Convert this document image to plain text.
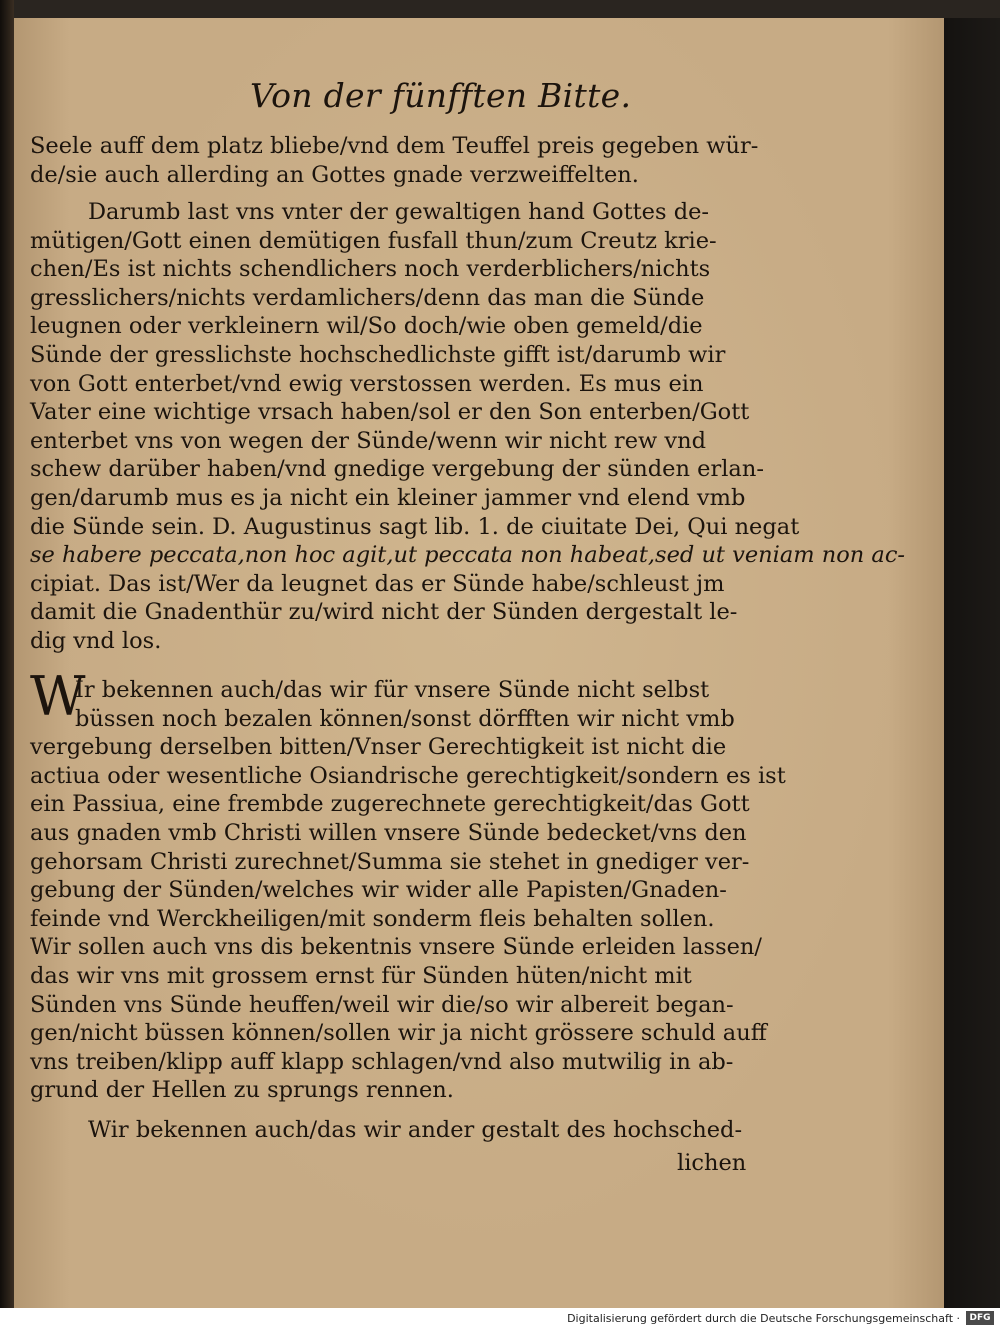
Von der fünfften Bitte.
Seele auff dem platz bliebe/vnd dem Teuffel preis gegeben wür-
de/sie auch allerding an Gottes gnade verzweiffelten.
Darumb last vns vnter der gewaltigen hand Gottes de-
mütigen/Gott einen demütigen fusfall thun/zum Creutz krie-
chen/Es ist nichts schendlichers noch verderblichers/nichts
gresslichers/nichts verdamlichers/denn das man die Sünde
leugnen oder verkleinern wil/So doch/wie oben gemeld/die
Sünde der gresslichste hochschedlichste gifft ist/darumb wir
von Gott enterbet/vnd ewig verstossen werden. Es mus ein
Vater eine wichtige vrsach haben/sol er den Son enterben/Gott
enterbet vns von wegen der Sünde/wenn wir nicht rew vnd
schew darüber haben/vnd gnedige vergebung der sünden erlan-
gen/darumb mus es ja nicht ein kleiner jammer vnd elend vmb
die Sünde sein. D. Augustinus sagt lib. 1. de ciuitate Dei, Qui negat
se habere peccata,non hoc agit,ut peccata non habeat,sed ut veniam non ac-
cipiat. Das ist/Wer da leugnet das er Sünde habe/schleust jm
damit die Gnadenthür zu/wird nicht der Sünden dergestalt le-
dig vnd los.
W
Ir bekennen auch/das wir für vnsere Sünde nicht selbst
büssen noch bezalen können/sonst dörfften wir nicht vmb
vergebung derselben bitten/Vnser Gerechtigkeit ist nicht die
actiua oder wesentliche Osiandrische gerechtigkeit/sondern es ist
ein Passiua, eine frembde zugerechnete gerechtigkeit/das Gott
aus gnaden vmb Christi willen vnsere Sünde bedecket/vns den
gehorsam Christi zurechnet/Summa sie stehet in gnediger ver-
gebung der Sünden/welches wir wider alle Papisten/Gnaden-
feinde vnd Werckheiligen/mit sonderm fleis behalten sollen.
Wir sollen auch vns dis bekentnis vnsere Sünde erleiden lassen/
das wir vns mit grossem ernst für Sünden hüten/nicht mit
Sünden vns Sünde heuffen/weil wir die/so wir albereit began-
gen/nicht büssen können/sollen wir ja nicht grössere schuld auff
vns treiben/klipp auff klapp schlagen/vnd also mutwilig in ab-
grund der Hellen zu sprungs rennen.
Wir bekennen auch/das wir ander gestalt des hochsched-
lichen
Digitalisierung gefördert durch die Deutsche Forschungsgemeinschaft ·	DFG
